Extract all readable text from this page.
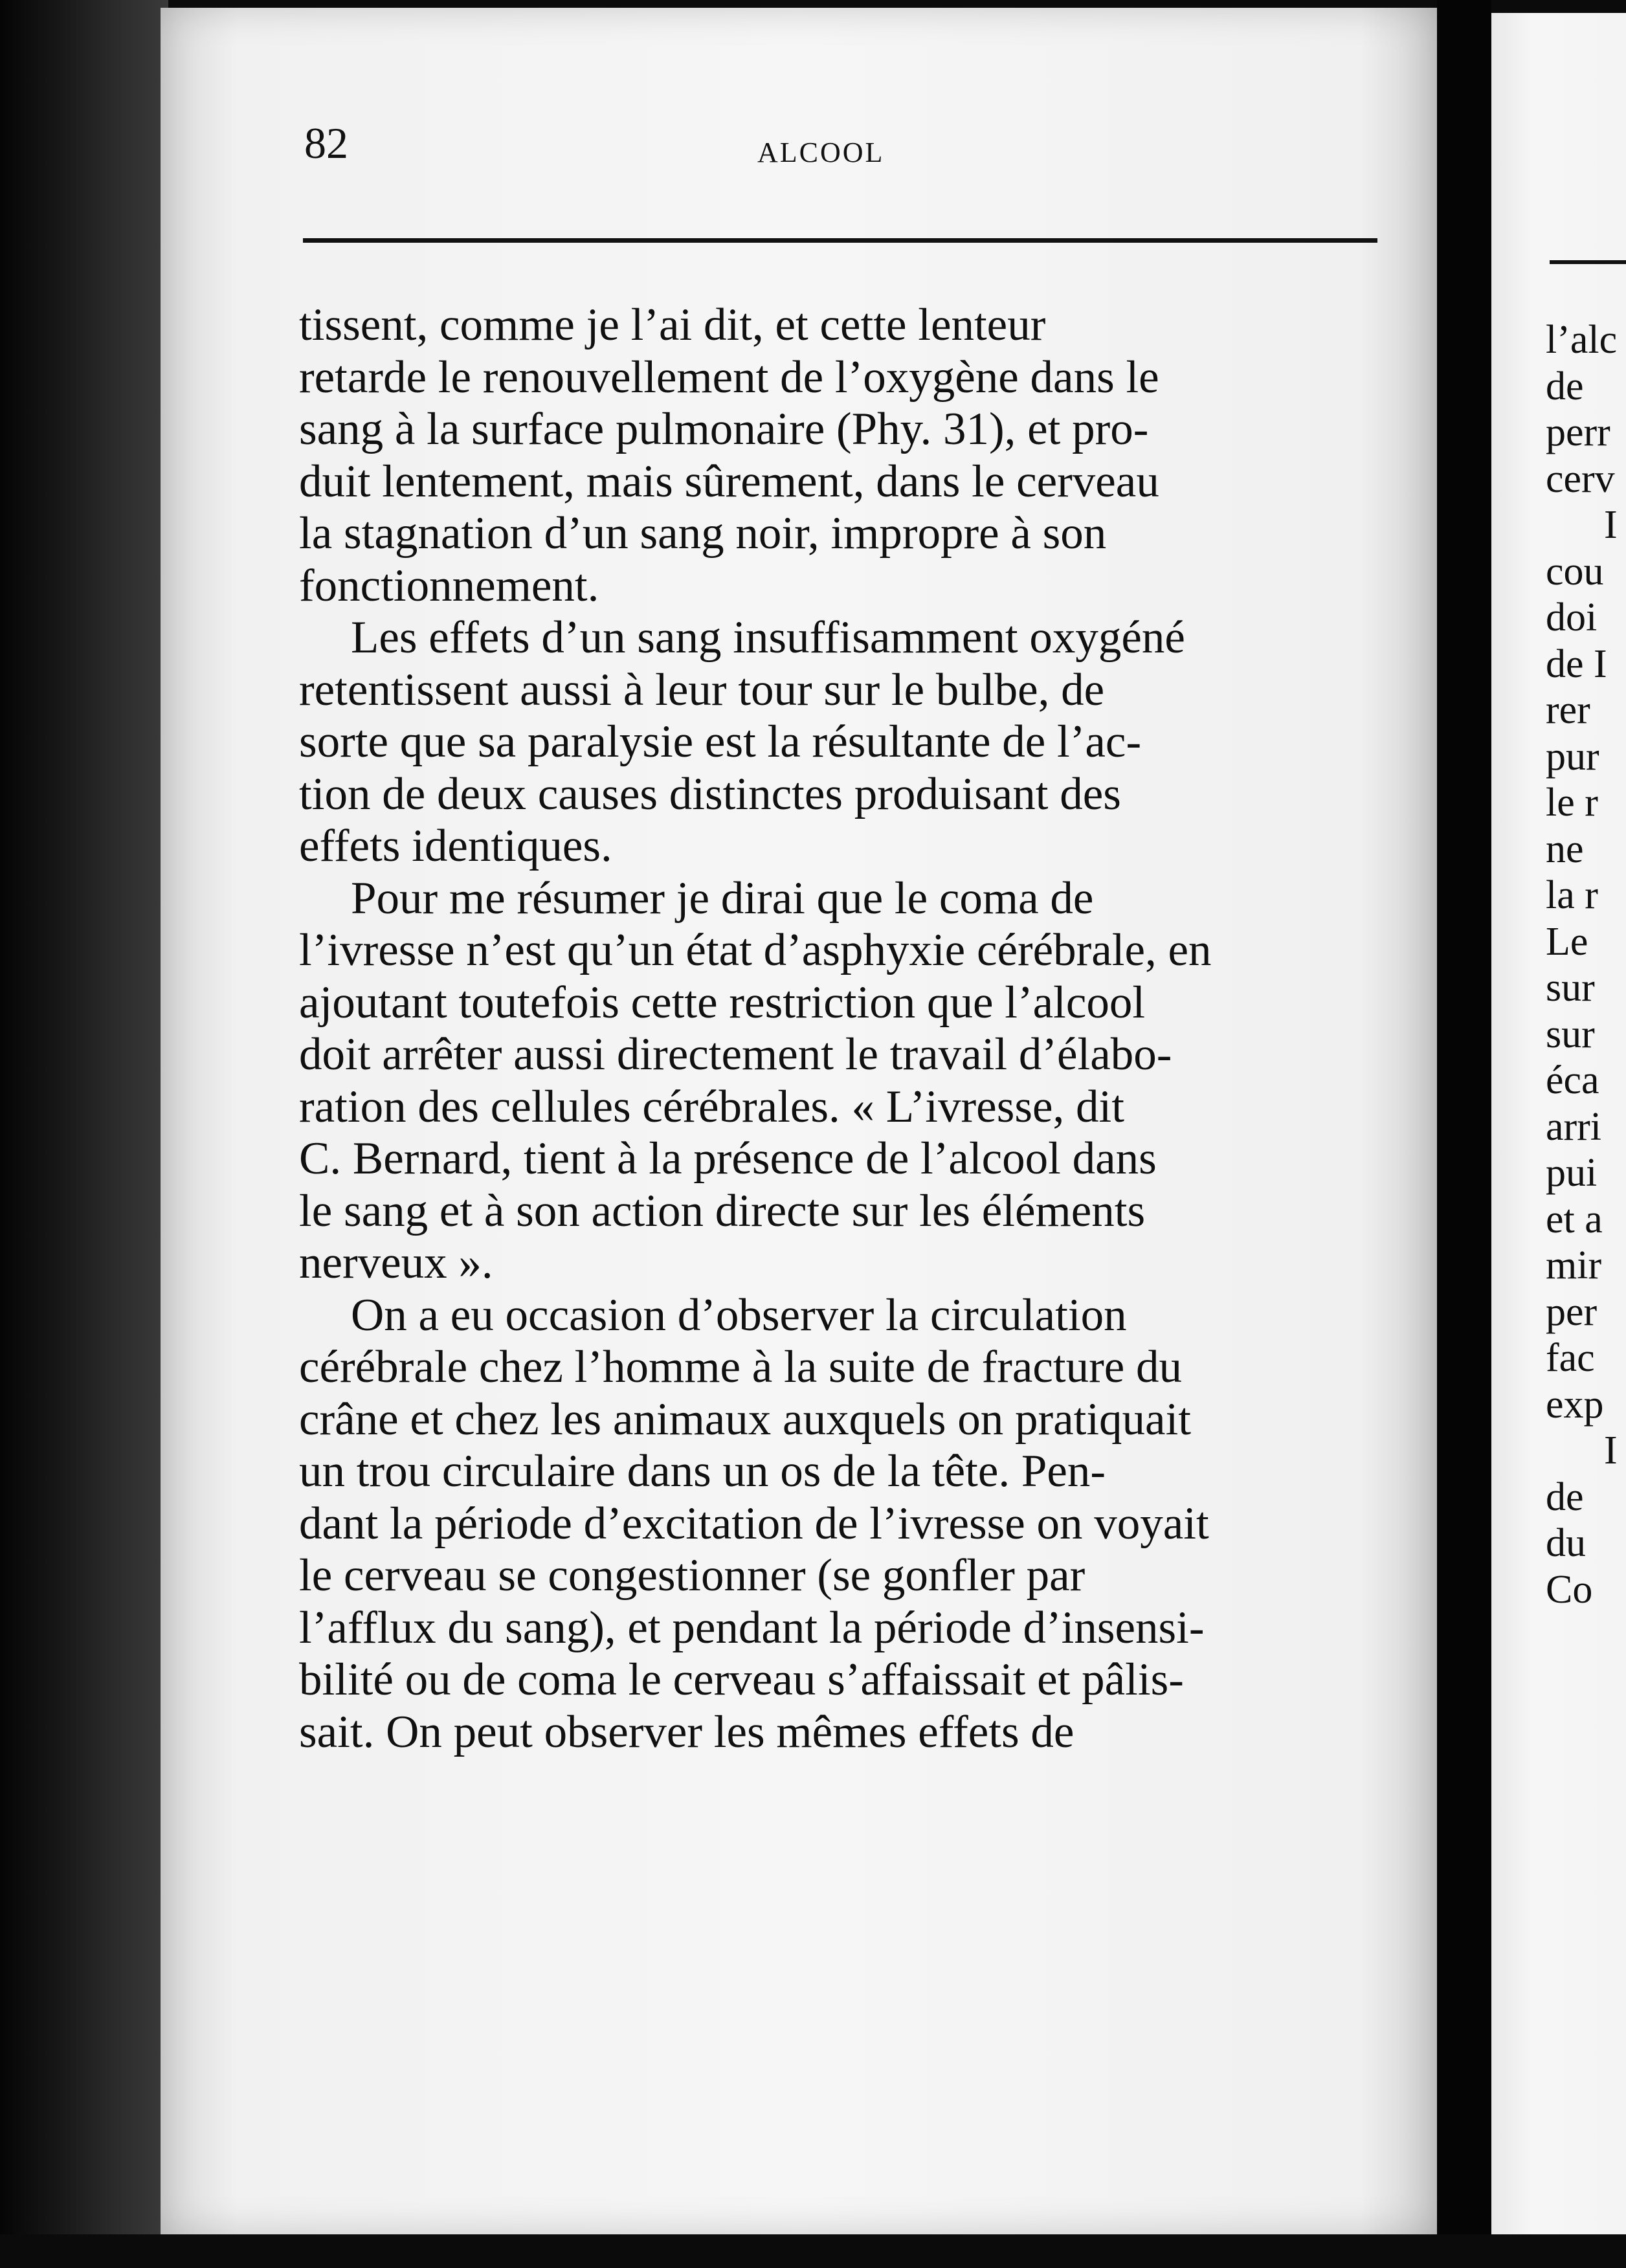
82	ALCOOL
tissent, comme je l’ai dit, et cette lenteur
retarde le renouvellement de l’oxygène dans le
sang à la surface pulmonaire (Phy. 31), et pro-
duit lentement, mais sûrement, dans le cerveau
la stagnation d’un sang noir, impropre à son
fonctionnement.
Les effets d’un sang insuffisamment oxygéné
retentissent aussi à leur tour sur le bulbe, de
sorte que sa paralysie est la résultante de l’ac-
tion de deux causes distinctes produisant des
effets identiques.
Pour me résumer je dirai que le coma de
l’ivresse n’est qu’un état d’asphyxie cérébrale, en
ajoutant toutefois cette restriction que l’alcool
doit arrêter aussi directement le travail d’élabo-
ration des cellules cérébrales. « L’ivresse, dit
C. Bernard, tient à la présence de l’alcool dans
le sang et à son action directe sur les éléments
nerveux ».
On a eu occasion d’observer la circulation
cérébrale chez l’homme à la suite de fracture du
crâne et chez les animaux auxquels on pratiquait
un trou circulaire dans un os de la tête. Pen-
dant la période d’excitation de l’ivresse on voyait
le cerveau se congestionner (se gonfler par
l’afflux du sang), et pendant la période d’insensi-
bilité ou de coma le cerveau s’affaissait et pâlis-
sait. On peut observer les mêmes effets de
l’alc
de
perr
cerv
I
cou
doi
de I
rer
pur
le r
ne
la r
Le
sur
sur
éca
arri
pui
et a
mir
per
fac
exp
I
de
du
Co
